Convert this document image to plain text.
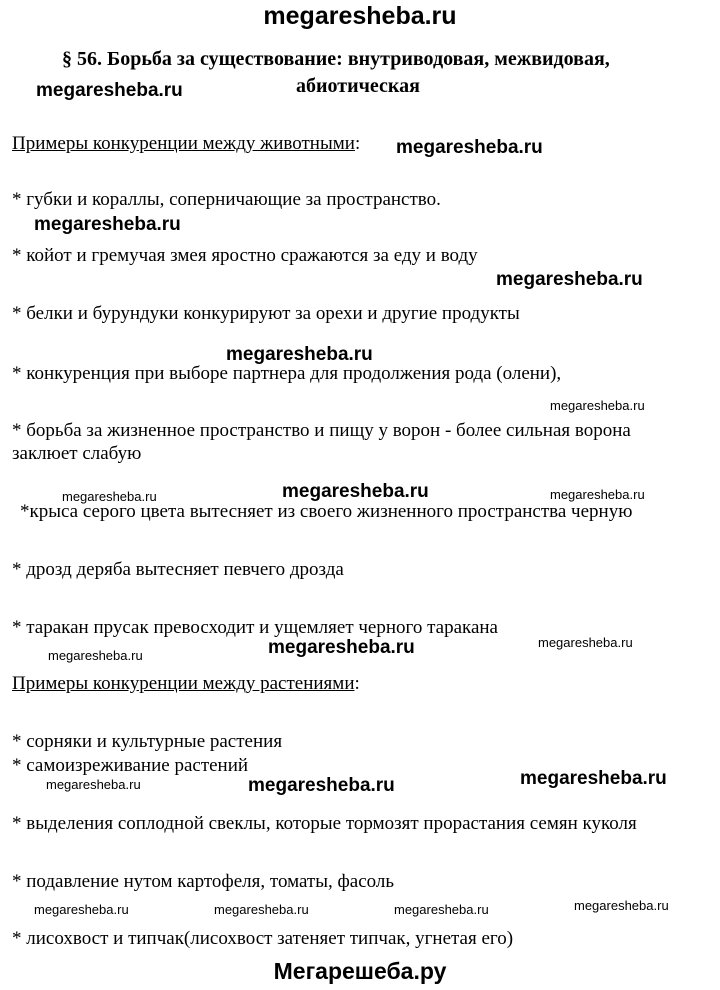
megaresheba.ru
§ 56. Борьба за существование: внутриводовая, межвидовая,
абиотическая
megaresheba.ru
Примеры конкуренции между животными: megaresheba.ru
* губки и кораллы, соперничающие за пространство.
megaresheba.ru
* койот и гремучая змея яростно сражаются за еду и воду
megaresheba.ru
* белки и бурундуки конкурируют за орехи и другие продукты
megaresheba.ru
* конкуренция при выборе партнера для продолжения рода (олени),
megaresheba.ru
* борьба за жизненное пространство и пищу у ворон - более сильная ворона
заклюет слабую
megaresheba.ru	megaresheba.ru	megaresheba.ru
*крыса серого цвета вытесняет из своего жизненного пространства черную
* дрозд деряба вытесняет певчего дрозда
* таракан прусак превосходит и ущемляет черного таракана
megaresheba.ru	megaresheba.ru	megaresheba.ru
Примеры конкуренции между растениями:
* сорняки и культурные растения
* самоизреживание растений
megaresheba.ru	megaresheba.ru	megaresheba.ru
* выделения соплодной свеклы, которые тормозят прорастания семян куколя
* подавление нутом картофеля, томаты, фасоль
megaresheba.ru	megaresheba.ru	megaresheba.ru	megaresheba.ru
* лисохвост и типчак(лисохвост затеняет типчак, угнетая его)
Мегарешеба.ру
